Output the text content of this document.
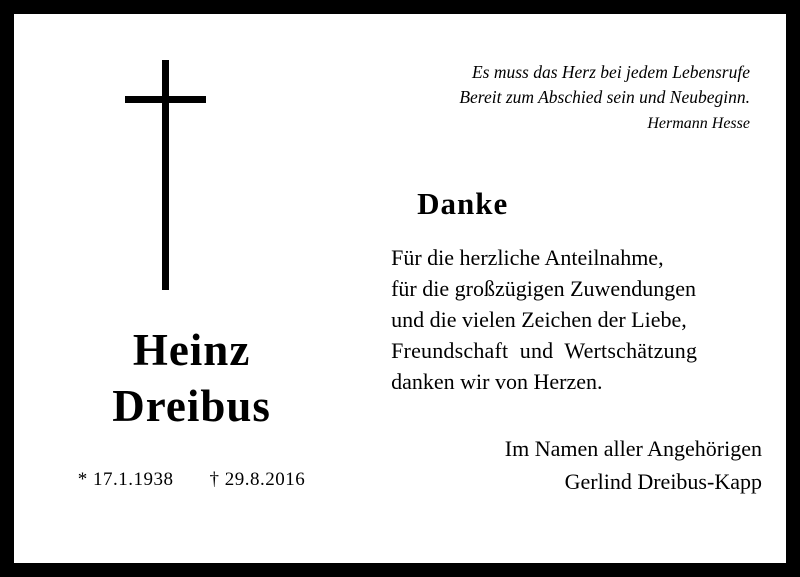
Heinz
Dreibus
* 17.1.1938 † 29.8.2016
Es muss das Herz bei jedem Lebensrufe
Bereit zum Abschied sein und Neubeginn.
Hermann Hesse
Danke
Für die herzliche Anteilnahme,
für die großzügigen Zuwendungen
und die vielen Zeichen der Liebe,
Freundschaft  und  Wertschätzung
danken wir von Herzen.
Im Namen aller Angehörigen
Gerlind Dreibus-Kapp
